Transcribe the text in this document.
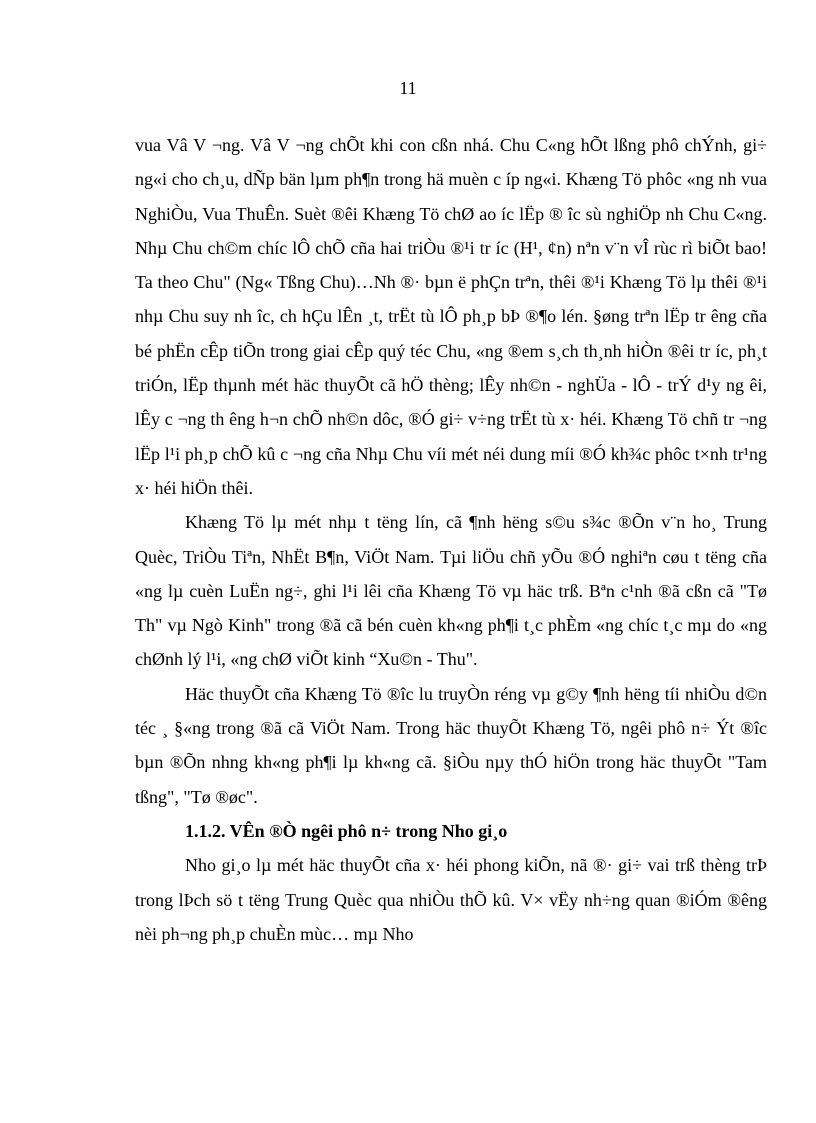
11

vua Vâ V ¬ng. Vâ V ¬ng chÕt khi con cßn nhá. Chu C«ng hÕt lßng phô chÝnh, gi÷ ng«i cho ch¸u, dÑp bän lµm ph¶n trong hä muèn c íp ng«i. Khæng Tö phôc «ng nh vua NghiÒu, Vua ThuÊn. Suèt ®êi Khæng Tö chØ ao íc lËp ® îc sù nghiÖp nh Chu C«ng. Nhµ Chu ch©m chíc lÔ chÕ cña hai triÒu ®¹i tr íc (H¹, ¢n) nªn v¨n vÎ rùc rì biÕt bao! Ta theo Chu" (Ng« Tßng Chu)…Nh ®· bµn ë phÇn trªn, thêi ®¹i Khæng Tö lµ thêi ®¹i nhµ Chu suy nh îc, ch hÇu lÊn ¸t, trËt tù lÔ ph¸p bÞ ®¶o lén. §øng trªn lËp tr êng cña bé phËn cÊp tiÕn trong giai cÊp quý téc Chu, «ng ®em s¸ch th¸nh hiÒn ®êi tr íc, ph¸t triÓn, lËp thµnh mét häc thuyÕt cã hÖ thèng; lÊy nh©n - nghÜa - lÔ - trÝ d¹y ng êi, lÊy c ¬ng th êng h¬n chÕ nh©n dôc, ®Ó gi÷ v÷ng trËt tù x· héi. Khæng Tö chñ tr ¬ng lËp l¹i ph¸p chÕ kû c ¬ng cña Nhµ Chu víi mét néi dung míi ®Ó kh¾c phôc t×nh tr¹ng x· héi hiÖn thêi.

Khæng Tö lµ mét nhµ t tëng lín, cã ¶nh hëng s©u s¾c ®Õn v¨n ho¸ Trung Quèc, TriÒu Tiªn, NhËt B¶n, ViÖt Nam. Tµi liÖu chñ yÕu ®Ó nghiªn cøu t tëng cña «ng lµ cuèn LuËn ng÷, ghi l¹i lêi cña Khæng Tö vµ häc trß. Bªn c¹nh ®ã cßn cã "Tø Th" vµ Ngò Kinh" trong ®ã cã bén cuèn kh«ng ph¶i t¸c phÈm «ng chíc t¸c mµ do «ng chØnh lý l¹i, «ng chØ viÕt kinh “Xu©n - Thu".

Häc thuyÕt cña Khæng Tö ®îc lu truyÒn réng vµ g©y ¶nh hëng tíi nhiÒu d©n téc ¸ §«ng trong ®ã cã ViÖt Nam. Trong häc thuyÕt Khæng Tö, ngêi phô n÷ Ýt ®îc bµn ®Õn nhng kh«ng ph¶i lµ kh«ng cã. §iÒu nµy thÓ hiÖn trong häc thuyÕt "Tam tßng", "Tø ®øc".

1.1.2. VÊn ®Ò ngêi phô n÷ trong Nho gi¸o

Nho gi¸o lµ mét häc thuyÕt cña x· héi phong kiÕn, nã ®· gi÷ vai trß thèng trÞ trong lÞch sö t tëng Trung Quèc qua nhiÒu thÕ kû. V× vËy nh÷ng quan ®iÓm ®êng nèi ph¬ng ph¸p chuÈn mùc… mµ Nho
